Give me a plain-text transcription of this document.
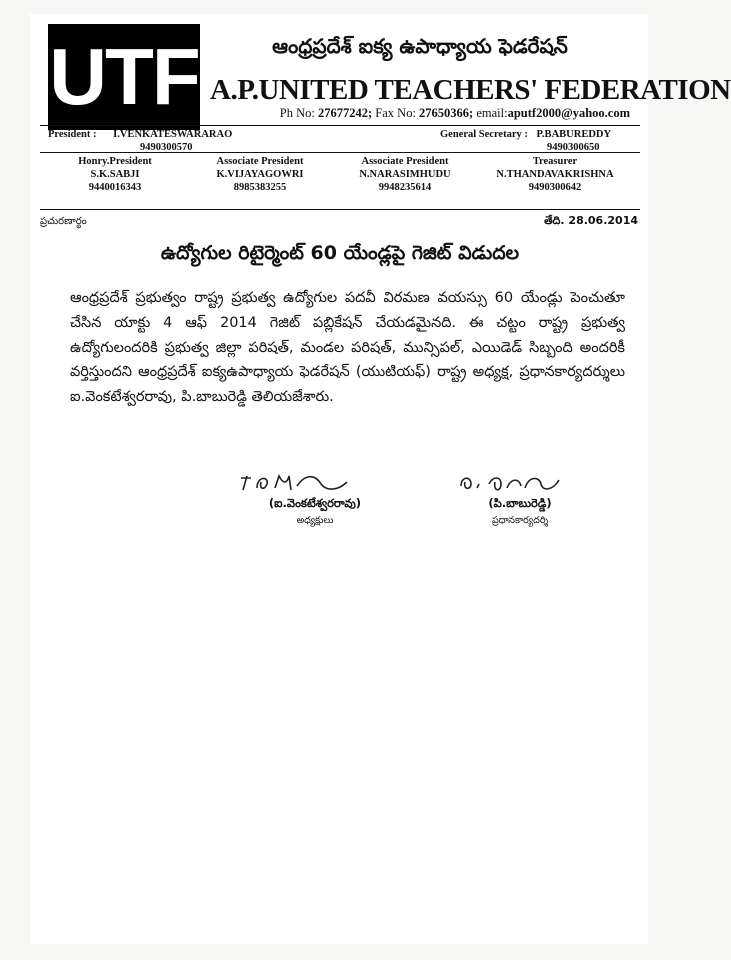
UTF	ఆంధ్రప్రదేశ్ ఐక్య ఉపాధ్యాయ ఫెడరేషన్
A.P.UNITED TEACHERS' FEDERATION
Ph No: 27677242; Fax No: 27650366; email:aputf2000@yahoo.com
President : I.VENKATESWARARAO
9490300570
General Secretary : P.BABUREDDY
9490300650
Honry.President
S.K.SABJI
9440016343
Associate President
K.VIJAYAGOWRI
8985383255
Associate President
N.NARASIMHUDU
9948235614
Treasurer
N.THANDAVAKRISHNA
9490300642
ప్రచురణార్థం	తేది. 28.06.2014
ఉద్యోగుల రిటైర్మెంట్ 60 యేండ్లపై గెజిట్ విడుదల
ఆంధ్రప్రదేశ్ ప్రభుత్వం రాష్ట్ర ప్రభుత్వ ఉద్యోగుల పదవీ విరమణ వయస్సు 60 యేండ్లు పెంచుతూ చేసిన యాక్టు 4 ఆఫ్ 2014 గెజిట్ పబ్లికేషన్ చేయడమైనది. ఈ చట్టం రాష్ట్ర ప్రభుత్వ ఉద్యోగులందరికి ప్రభుత్వ జిల్లా పరిషత్, మండల పరిషత్, మున్సిపల్, ఎయిడెడ్ సిబ్బంది అందరికీ వర్తిస్తుందని ఆంధ్రప్రదేశ్ ఐక్యఉపాధ్యాయ ఫెడరేషన్ (యుటియఫ్) రాష్ట్ర అధ్యక్ష, ప్రధానకార్యదర్శులు ఐ.వెంకటేశ్వరరావు, పి.బాబురెడ్డి తెలియజేశారు.
(ఐ.వెంకటేశ్వరరావు)
అధ్యక్షులు
(పి.బాబురెడ్డి)
ప్రధానకార్యదర్శి
